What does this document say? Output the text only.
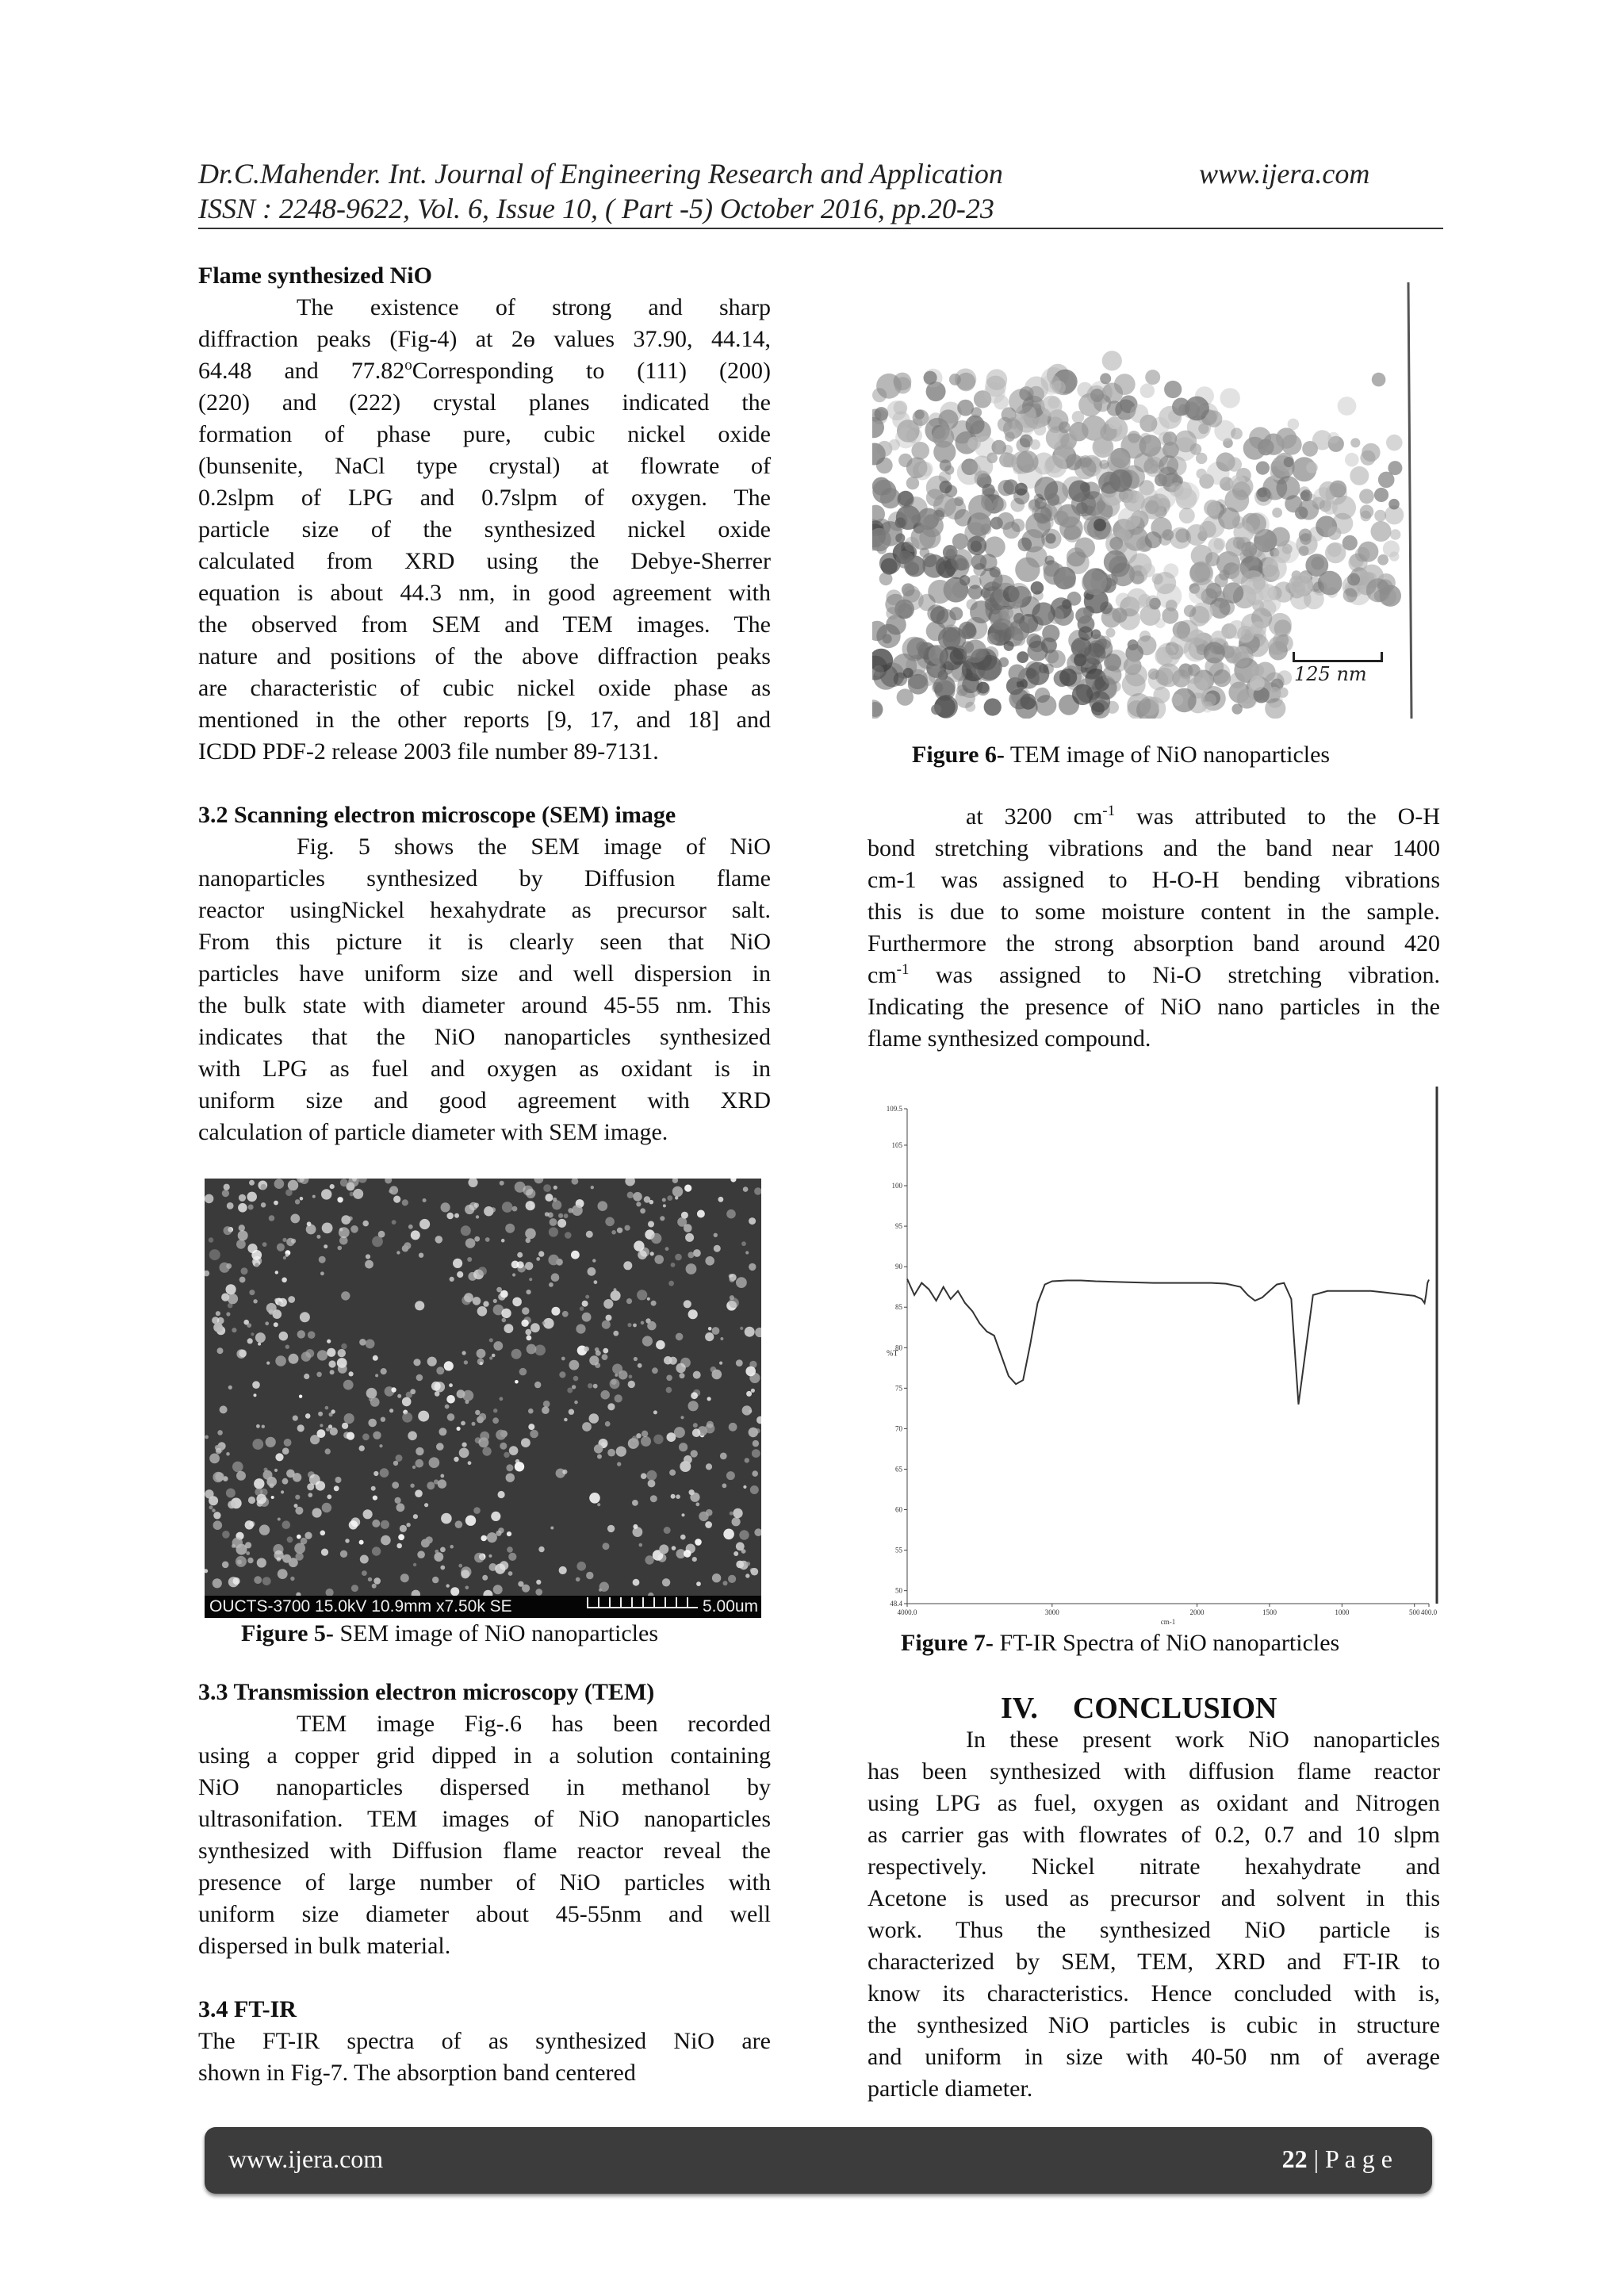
Dr.C.Mahender. Int. Journal of Engineering Research and Application	www.ijera.com
ISSN : 2248-9622, Vol. 6, Issue 10, ( Part -5) October 2016, pp.20-23
Flame synthesized NiO
The existence of strong and sharp
diffraction peaks (Fig-4) at 2ɵ values 37.90, 44.14,
64.48 and 77.82$^o$Corresponding to (111) (200)
(220) and (222) crystal planes indicated the
formation of phase pure, cubic nickel oxide
(bunsenite, NaCl type crystal) at flowrate of
0.2slpm of LPG and 0.7slpm of oxygen. The
particle size of the synthesized nickel oxide
calculated from XRD using the Debye-Sherrer
equation is about 44.3 nm, in good agreement with
the observed from SEM and TEM images. The
nature and positions of the above diffraction peaks
are characteristic of cubic nickel oxide phase as
mentioned in the other reports [9, 17, and 18] and
ICDD PDF-2 release 2003 file number 89-7131.
3.2 Scanning electron microscope (SEM) image
Fig. 5 shows the SEM image of NiO
nanoparticles synthesized by Diffusion flame
reactor usingNickel hexahydrate as precursor salt.
From this picture it is clearly seen that NiO
particles have uniform size and well dispersion in
the bulk state with diameter around 45-55 nm. This
indicates that the NiO nanoparticles synthesized
with LPG as fuel and oxygen as oxidant is in
uniform size and good agreement with XRD
calculation of particle diameter with SEM image.
OUCTS-3700 15.0kV 10.9mm x7.50k SE	5.00um
Figure 5- SEM image of NiO nanoparticles
3.3 Transmission electron microscopy (TEM)
TEM image Fig-.6 has been recorded
using a copper grid dipped in a solution containing
NiO nanoparticles dispersed in methanol by
ultrasonifation. TEM images of NiO nanoparticles
synthesized with Diffusion flame reactor reveal the
presence of large number of NiO particles with
uniform size diameter about 45-55nm and well
dispersed in bulk material.
3.4 FT-IR
The FT-IR spectra of as synthesized NiO are
shown in Fig-7. The absorption band centered
125 nm
Figure 6- TEM image of NiO nanoparticles
at 3200 $cm^{-1}$ was attributed to the O-H
bond stretching vibrations and the band near 1400
cm-1 was assigned to H-O-H bending vibrations
this is due to some moisture content in the sample.
Furthermore the strong absorption band around 420
$cm^{-1}$ was assigned to Ni-O stretching vibration.
Indicating the presence of NiO nano particles in the
flame synthesized compound.
48.4
50
55
60
65
70
75
80
85
90
95
100
105
109.5
4000.0	3000	2000	1500	1000	500 400.0
%T
cm-1
Figure 7- FT-IR Spectra of NiO nanoparticles
IV. CONCLUSION
In these present work NiO nanoparticles
has been synthesized with diffusion flame reactor
using LPG as fuel, oxygen as oxidant and Nitrogen
as carrier gas with flowrates of 0.2, 0.7 and 10 slpm
respectively. Nickel nitrate hexahydrate and
Acetone is used as precursor and solvent in this
work. Thus the synthesized NiO particle is
characterized by SEM, TEM, XRD and FT-IR to
know its characteristics. Hence concluded with is,
the synthesized NiO particles is cubic in structure
and uniform in size with 40-50 nm of average
particle diameter.
www.ijera.com	22 | P a g e
